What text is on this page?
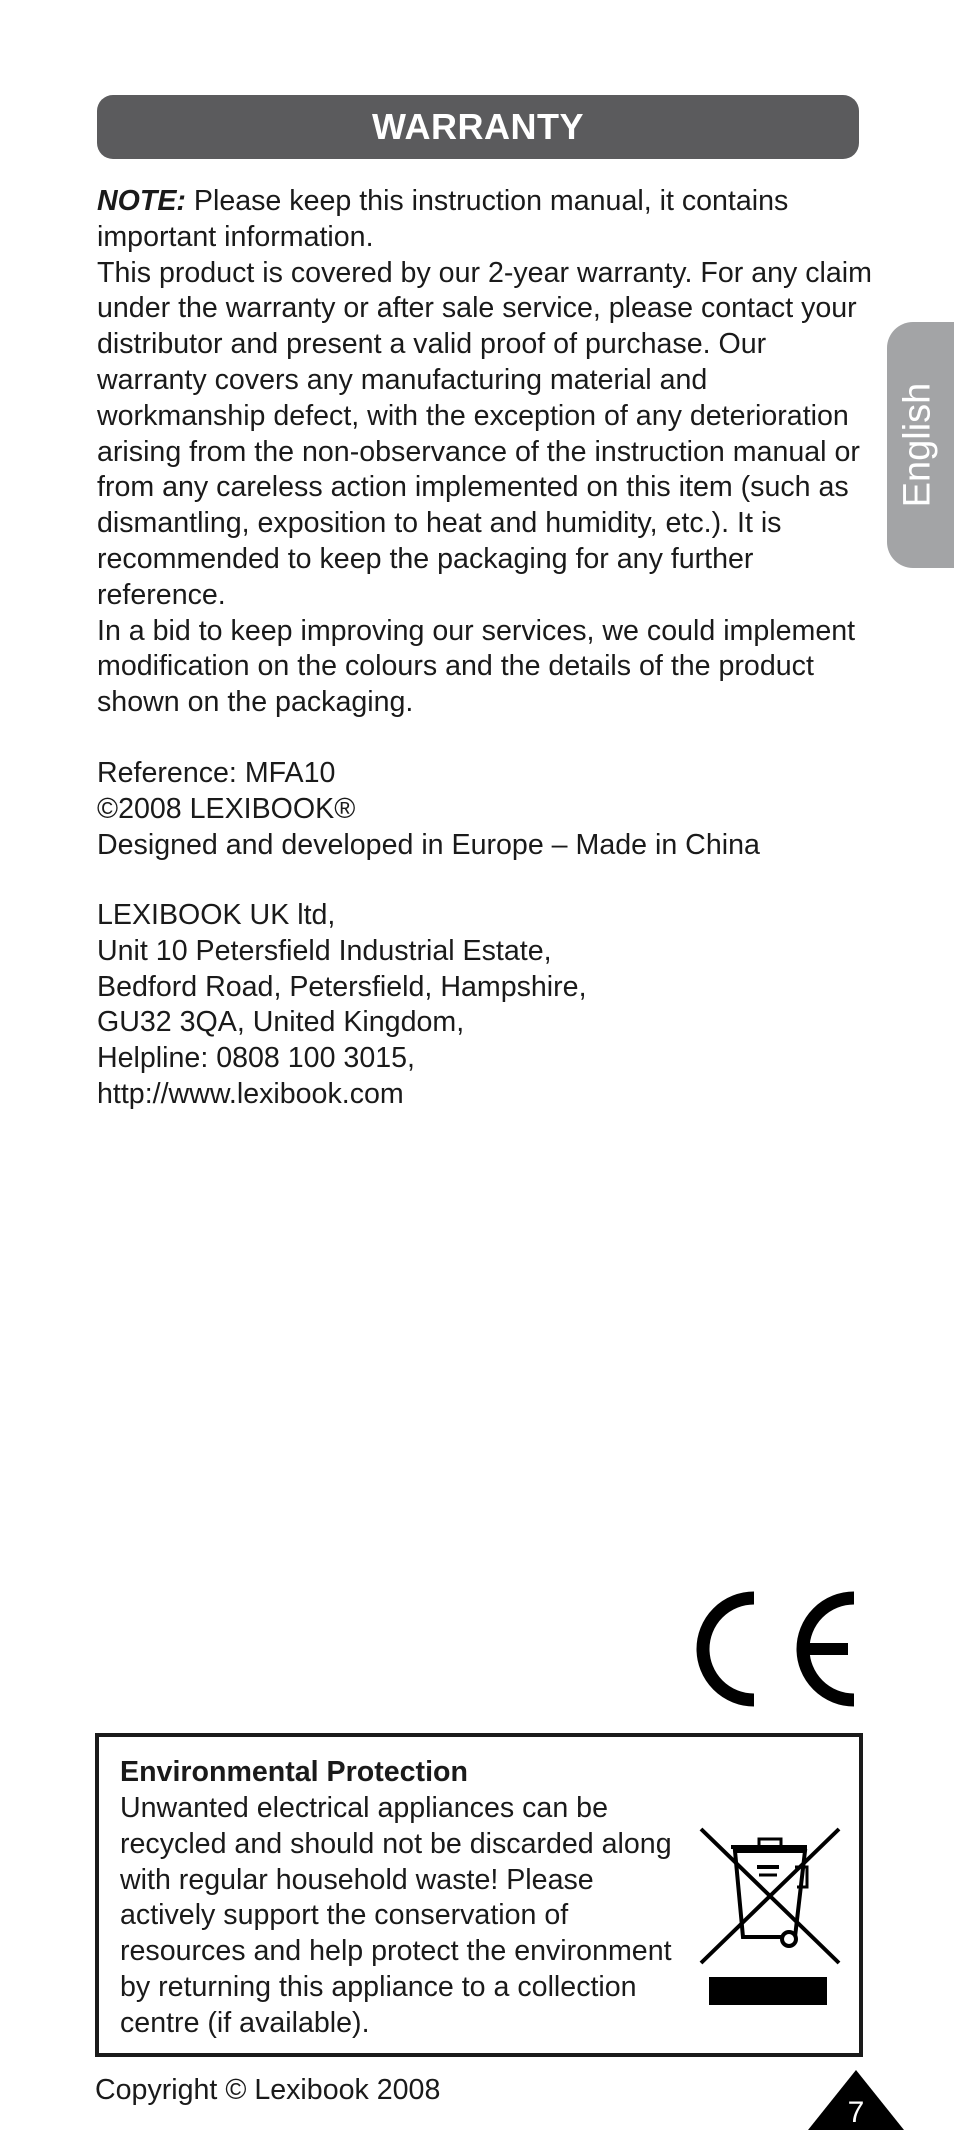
WARRANTY
English

NOTE: Please keep this instruction manual, it contains important information.

This product is covered by our 2-year warranty. For any claim under the warranty or after sale service, please contact your distributor and present a valid proof of purchase. Our warranty covers any manufacturing material and workmanship defect, with the exception of any deterioration arising from the non-observance of the instruction manual or from any careless action implemented on this item (such as dismantling, exposition to heat and humidity, etc.). It is recommended to keep the packaging for any further reference.

In a bid to keep improving our services, we could implement modification on the colours and the details of the product shown on the packaging.

Reference: MFA10
©2008 LEXIBOOK®
Designed and developed in Europe – Made in China
LEXIBOOK UK ltd,
Unit 10 Petersfield Industrial Estate,
Bedford Road, Petersfield, Hampshire,
GU32 3QA, United Kingdom,
Helpline: 0808 100 3015,
http://www.lexibook.com
Environmental Protection
Unwanted electrical appliances can be recycled and should not be discarded along with regular household waste! Please actively support the conservation of resources and help protect the environment by returning this appliance to a collection centre (if available).
Copyright © Lexibook 2008
7
